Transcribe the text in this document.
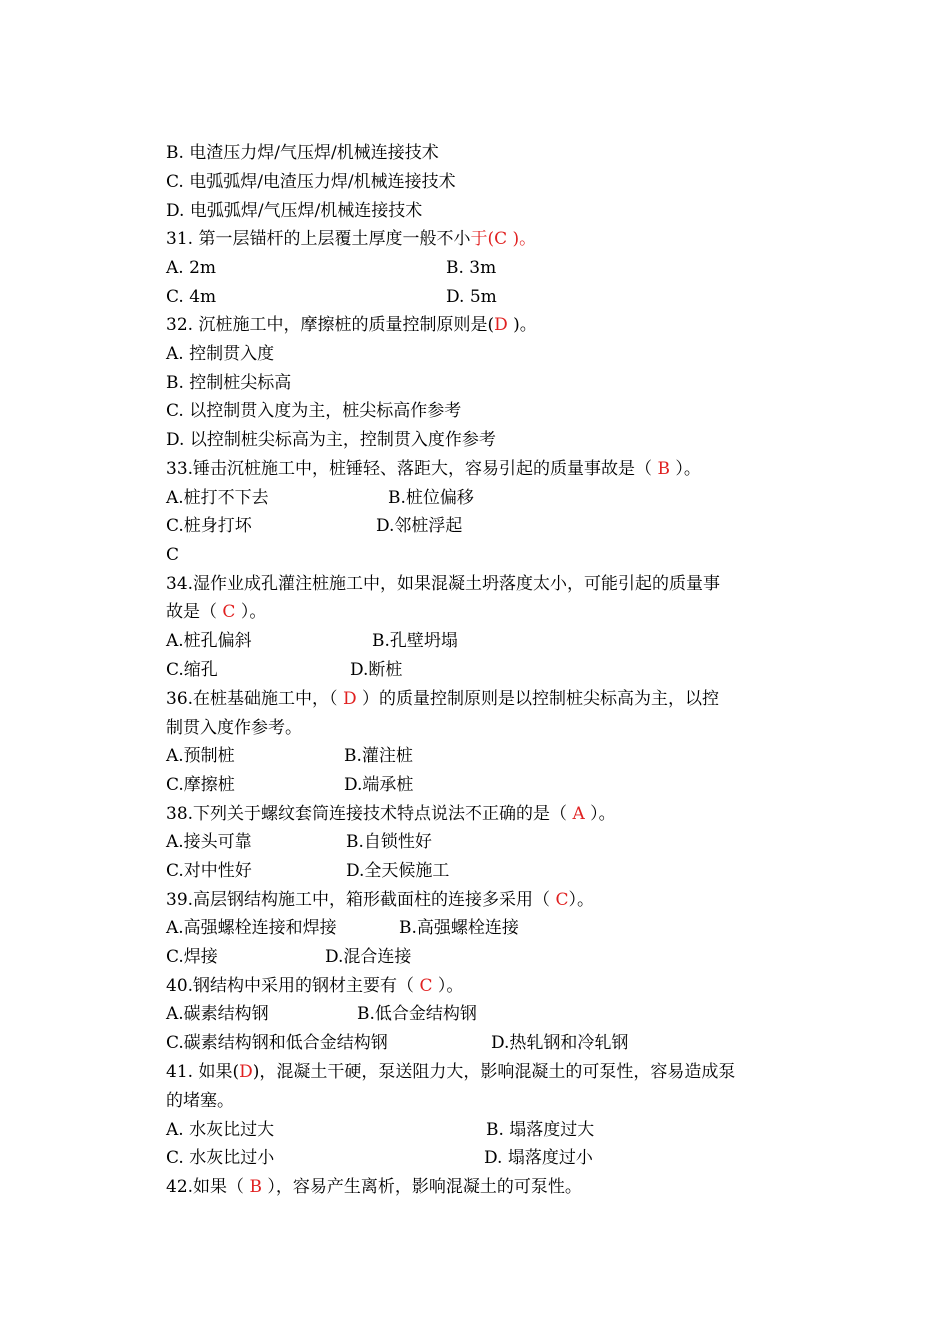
B. 电渣压力焊/气压焊/机械连接技术
C. 电弧弧焊/电渣压力焊/机械连接技术
D. 电弧弧焊/气压焊/机械连接技术
31. 第一层锚杆的上层覆土厚度一般不小于(C )。
A. 2m	B. 3m
C. 4m	D. 5m
32. 沉桩施工中，摩擦桩的质量控制原则是(D )。
A. 控制贯入度
B. 控制桩尖标高
C. 以控制贯入度为主，桩尖标高作参考
D. 以控制桩尖标高为主，控制贯入度作参考
33.锤击沉桩施工中，桩锤轻、落距大，容易引起的质量事故是（ B ）。
A.桩打不下去	B.桩位偏移
C.桩身打坏	D.邻桩浮起
C
34.湿作业成孔灌注桩施工中，如果混凝土坍落度太小，可能引起的质量事
故是（ C ）。
A.桩孔偏斜	B.孔壁坍塌
C.缩孔	D.断桩
36.在桩基础施工中，（ D ）的质量控制原则是以控制桩尖标高为主，以控
制贯入度作参考。
A.预制桩	B.灌注桩
C.摩擦桩	D.端承桩
38.下列关于螺纹套筒连接技术特点说法不正确的是（ A ）。
A.接头可靠	B.自锁性好
C.对中性好	D.全天候施工
39.高层钢结构施工中，箱形截面柱的连接多采用（ C）。
A.高强螺栓连接和焊接	B.高强螺栓连接
C.焊接	D.混合连接
40.钢结构中采用的钢材主要有（ C ）。
A.碳素结构钢	B.低合金结构钢
C.碳素结构钢和低合金结构钢	D.热轧钢和冷轧钢
41. 如果(D)，混凝土干硬，泵送阻力大，影响混凝土的可泵性，容易造成泵
的堵塞。
A. 水灰比过大	B. 塌落度过大
C. 水灰比过小	D. 塌落度过小
42.如果（ B ），容易产生离析，影响混凝土的可泵性。
